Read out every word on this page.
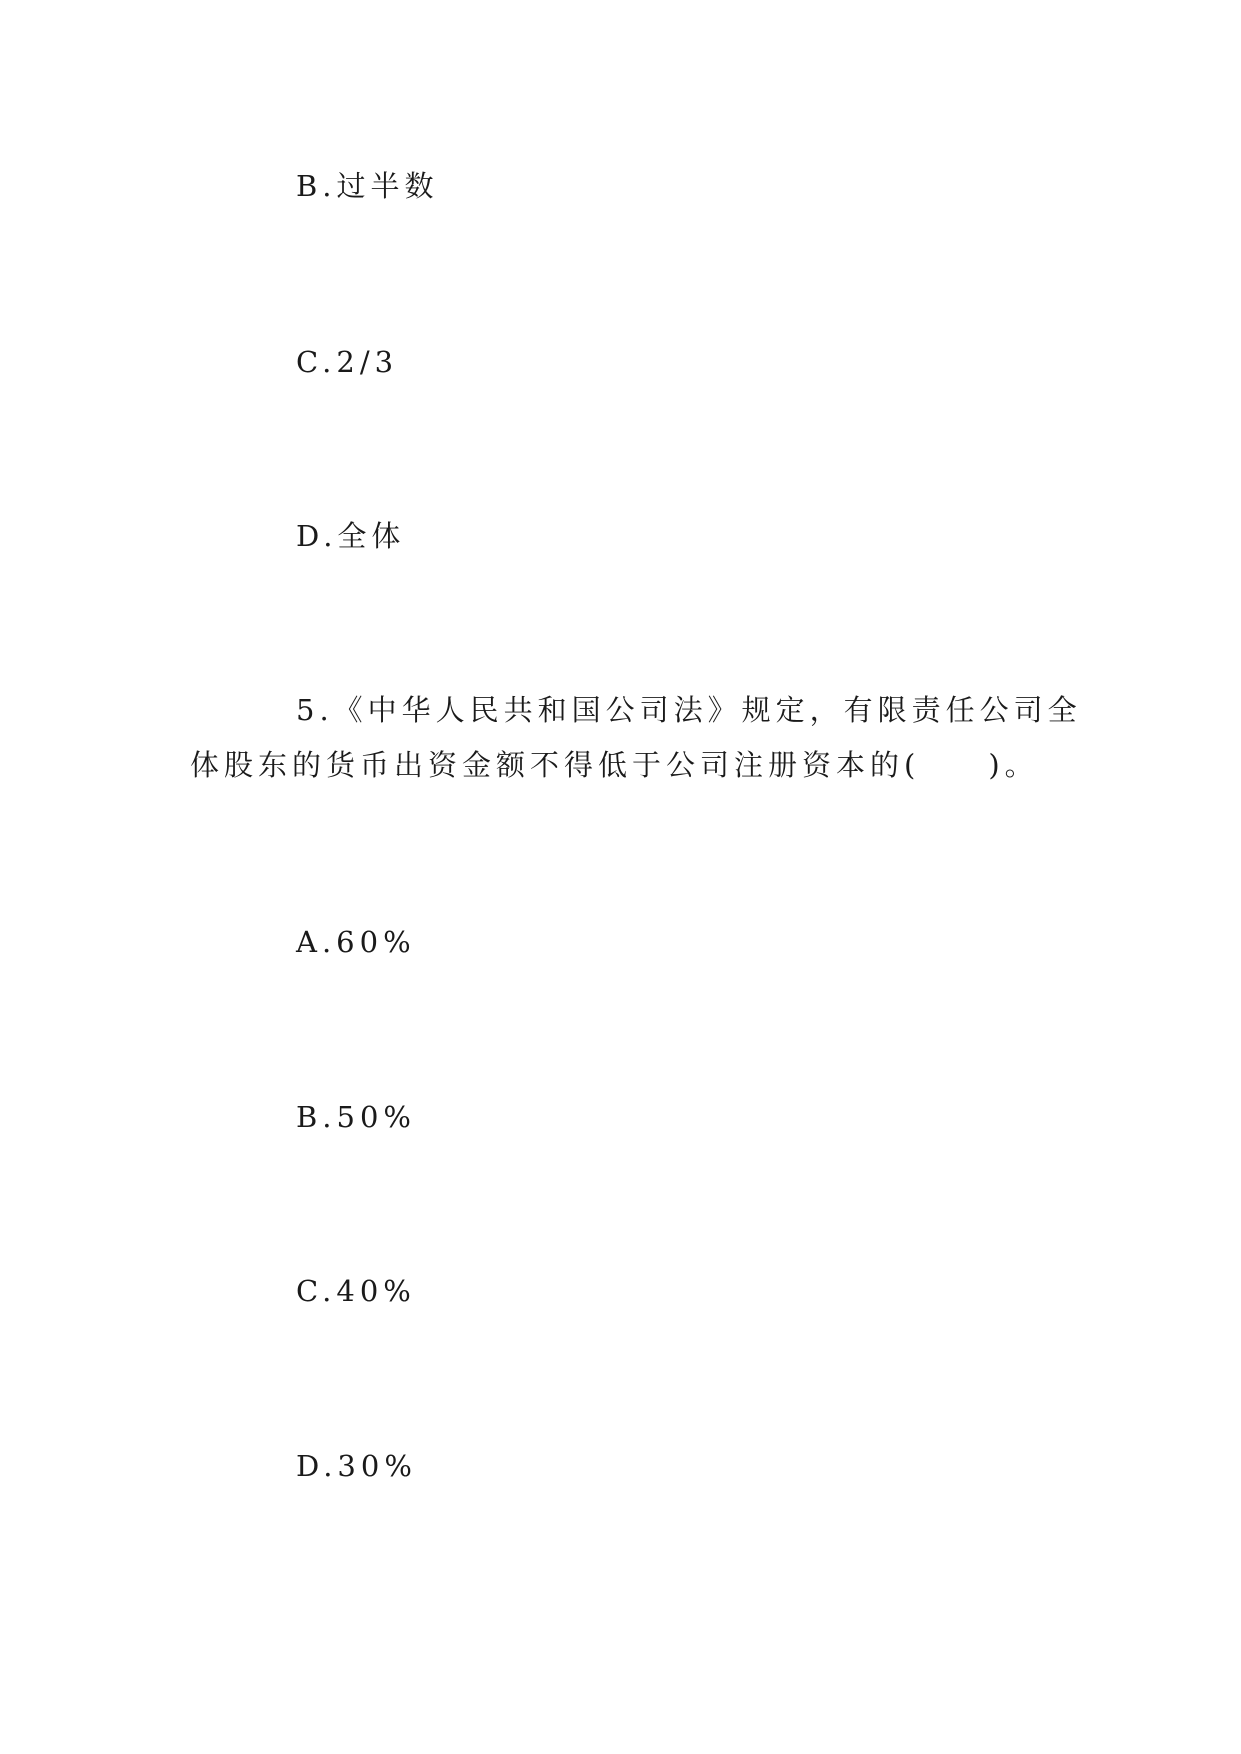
B.过半数
C.2/3
D.全体
5.《中华人民共和国公司法》规定，有限责任公司全
体股东的货币出资金额不得低于公司注册资本的(　　)。
A.60%
B.50%
C.40%
D.30%
